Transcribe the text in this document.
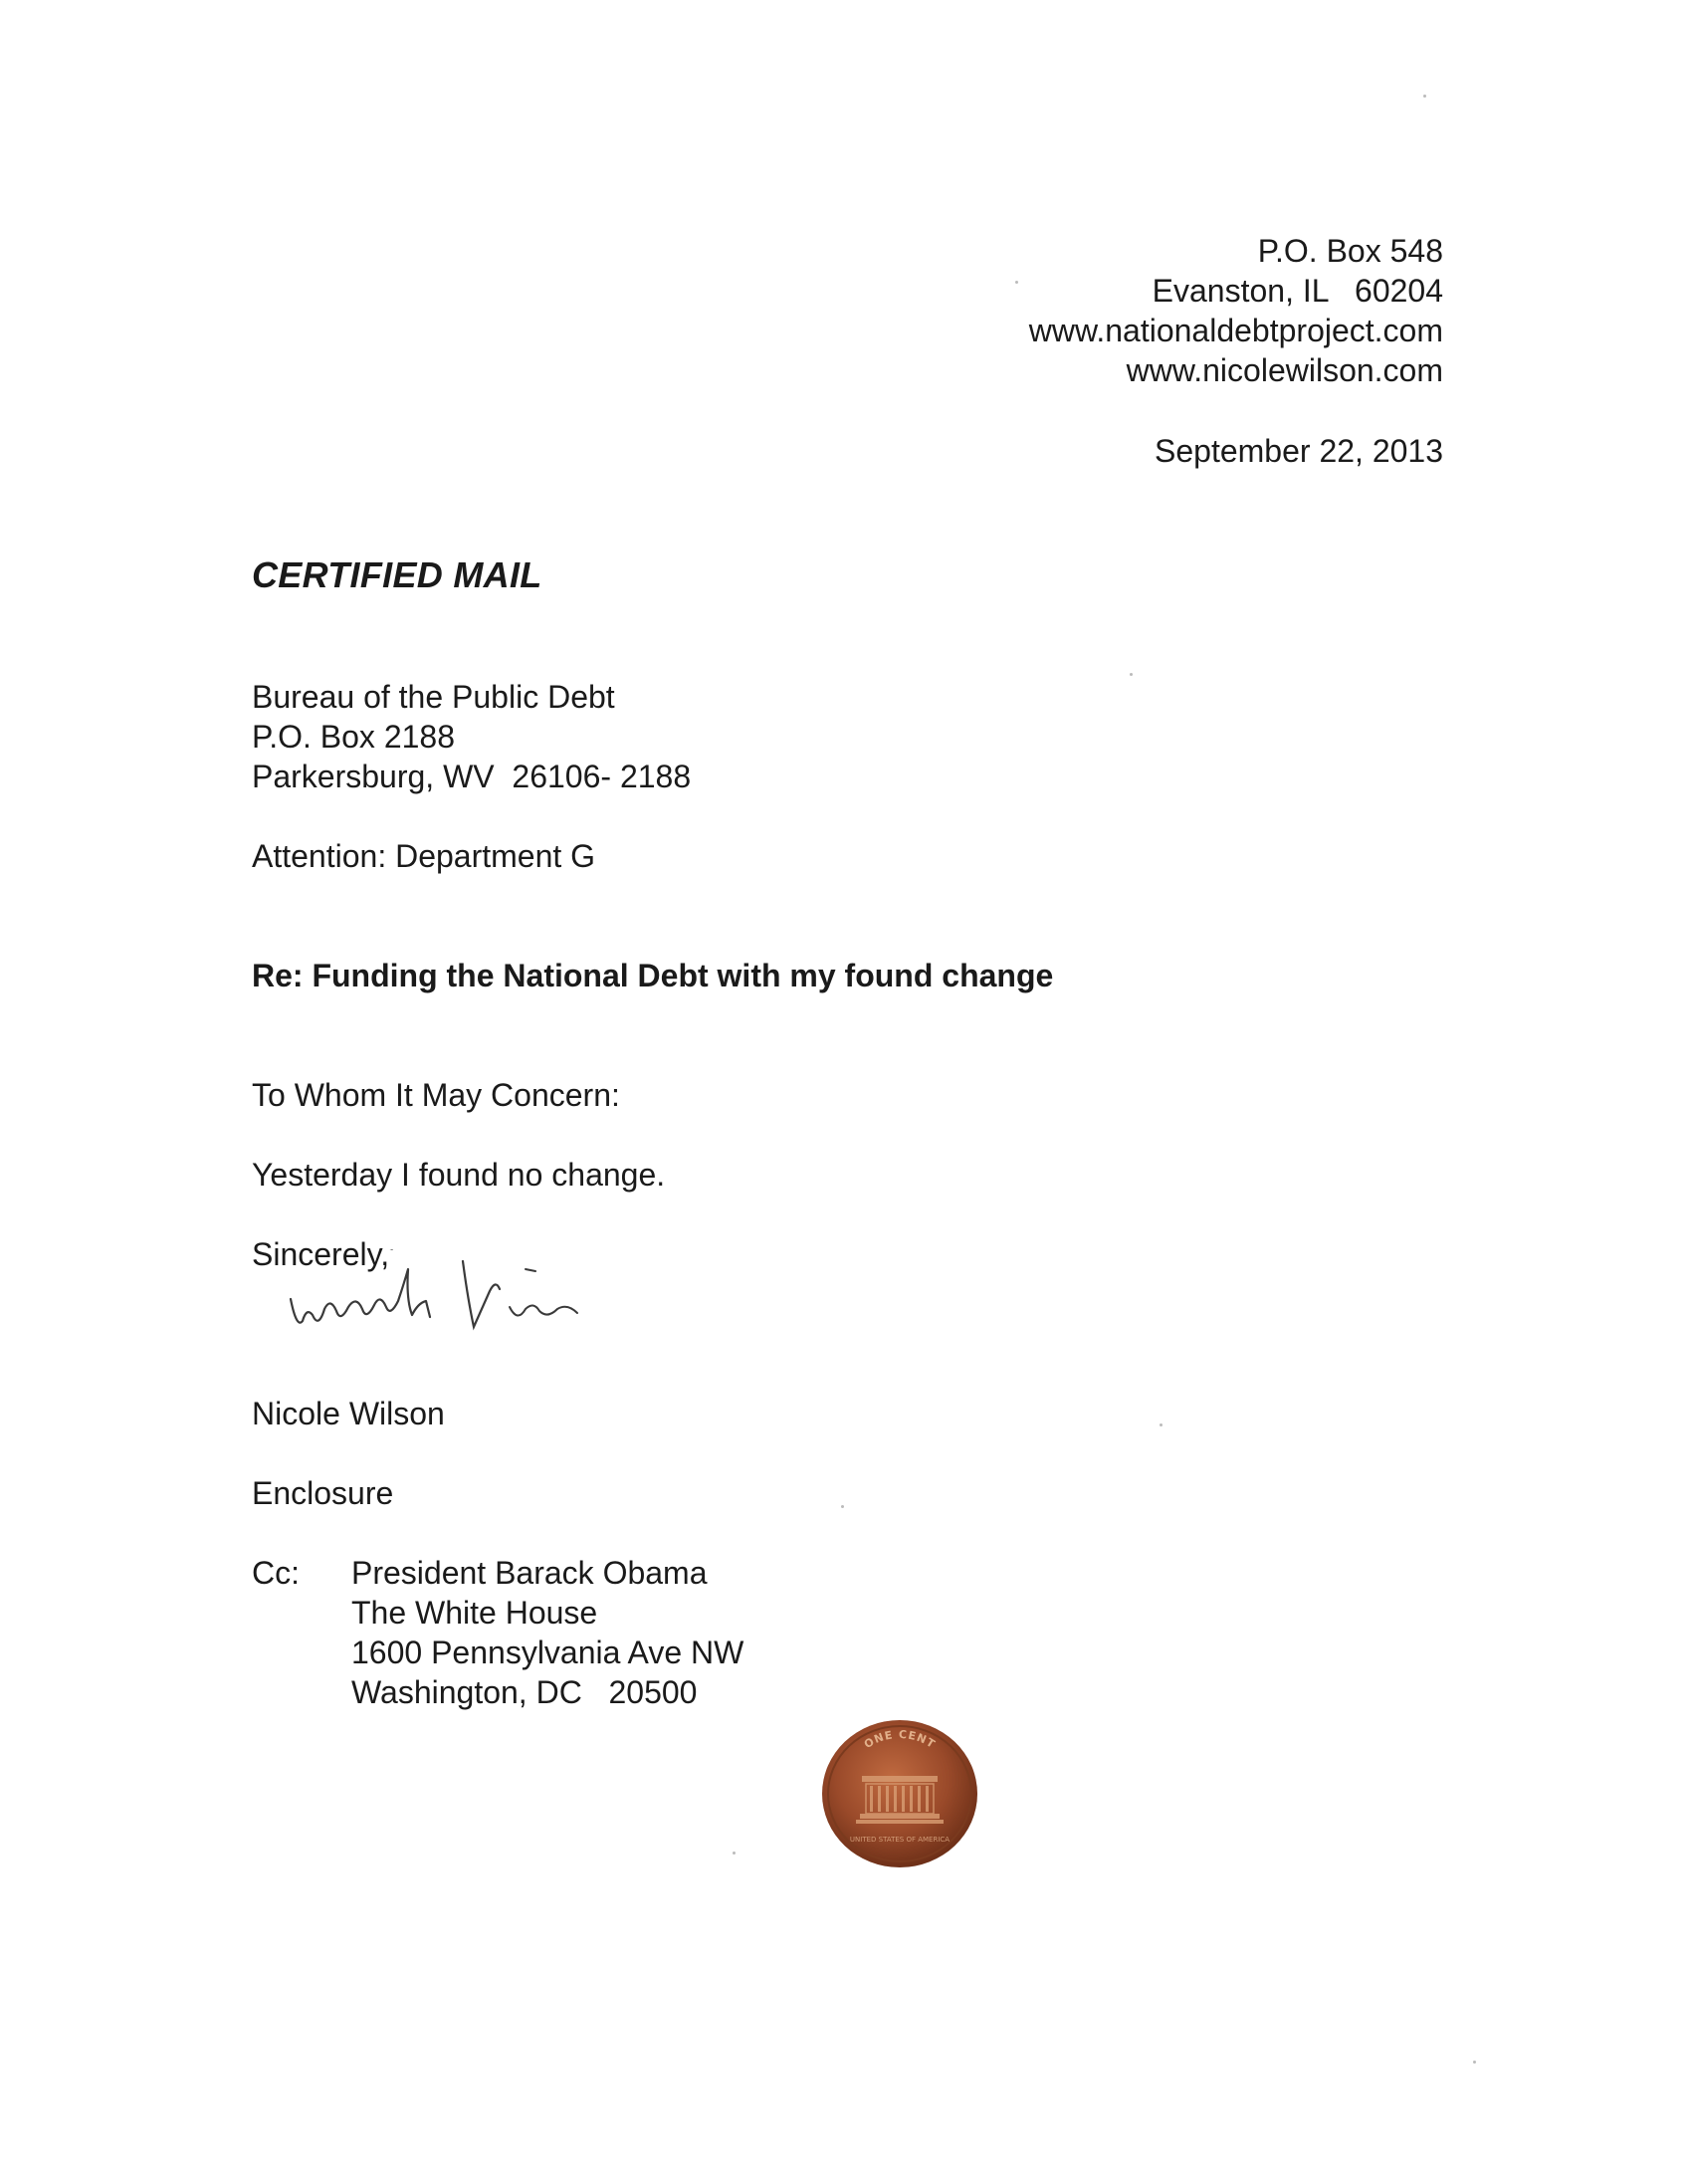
P.O. Box 548
Evanston, IL   60204
www.nationaldebtproject.com
www.nicolewilson.com
September 22, 2013
CERTIFIED MAIL
Bureau of the Public Debt
P.O. Box 2188
Parkersburg, WV  26106- 2188
Attention: Department G
Re: Funding the National Debt with my found change
To Whom It May Concern:
Yesterday I found no change.
Sincerely,
Nicole Wilson
Enclosure
Cc: President Barack Obama
The White House
1600 Pennsylvania Ave NW
Washington, DC   20500
ONE CENT
UNITED STATES OF AMERICA
